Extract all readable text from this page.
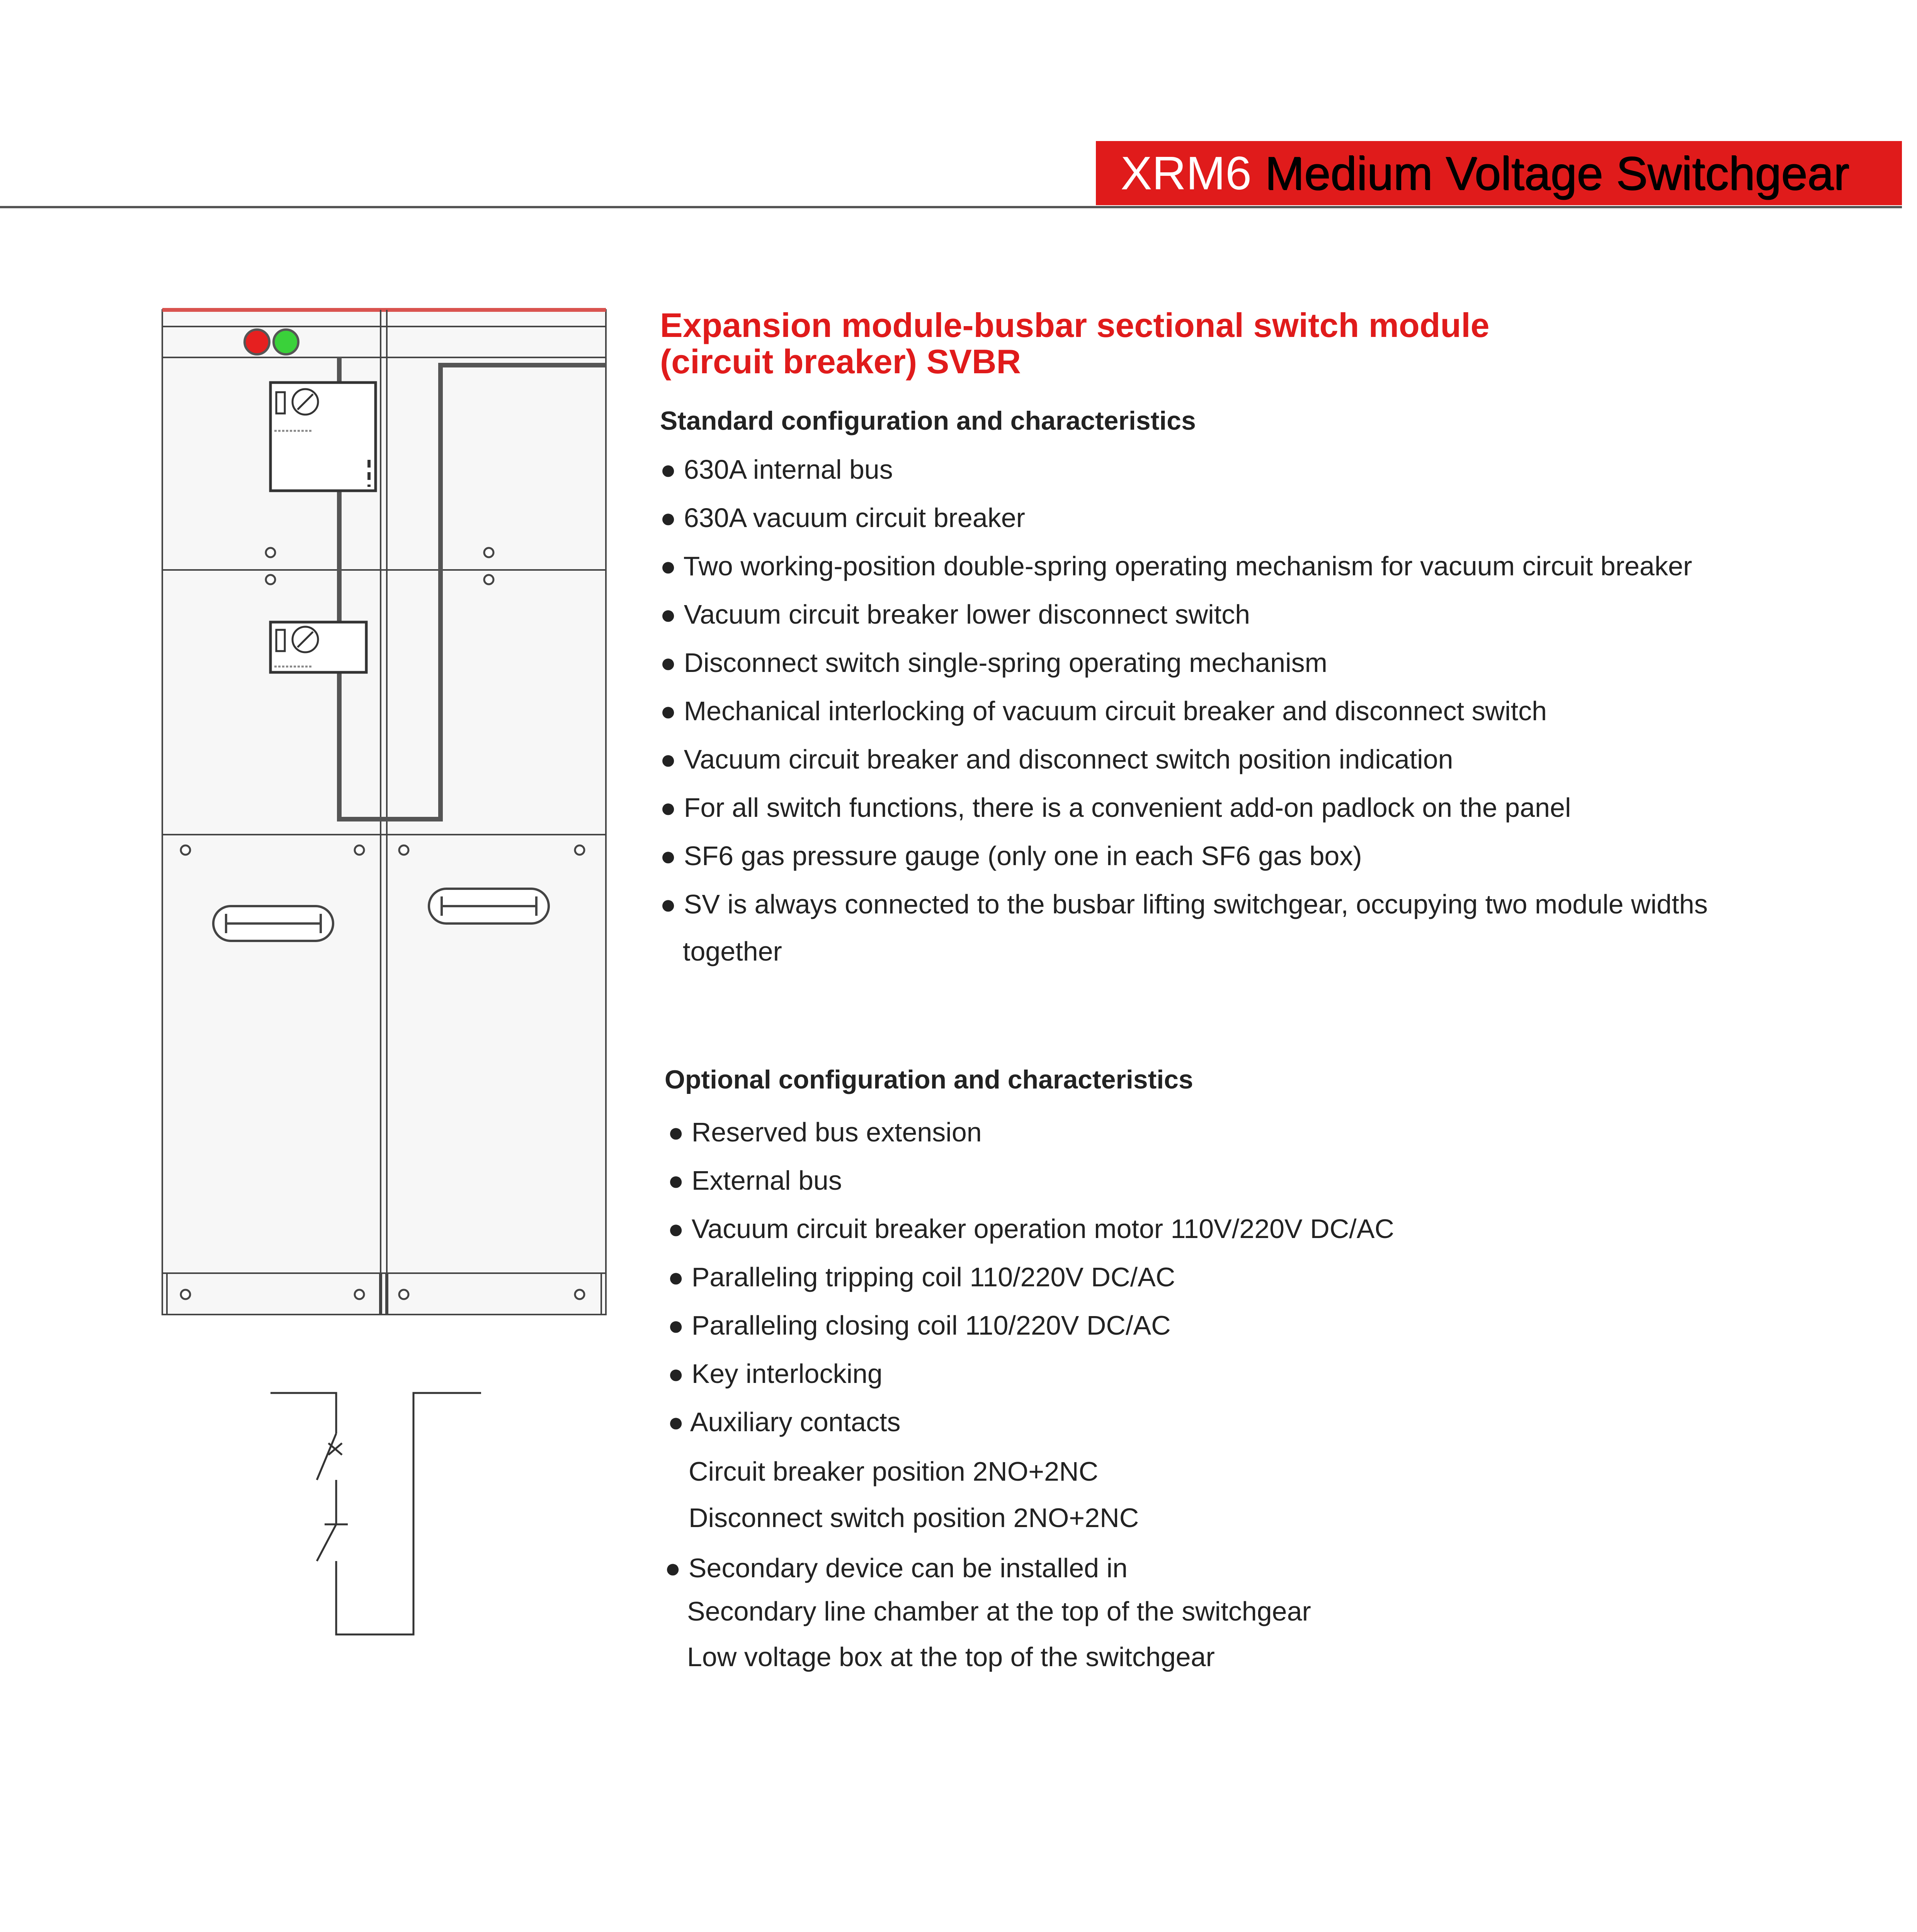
XRM6 Medium Voltage Switchgear
Expansion module-busbar sectional switch module
(circuit breaker) SVBR
Standard configuration and characteristics
● 630A internal bus
● 630A vacuum circuit breaker
● Two working-position double-spring operating mechanism for vacuum circuit breaker
● Vacuum circuit breaker lower disconnect switch
● Disconnect switch single-spring operating mechanism
● Mechanical interlocking of vacuum circuit breaker and disconnect switch
● Vacuum circuit breaker and disconnect switch position indication
● For all switch functions, there is a convenient add-on padlock on the panel
● SF6 gas pressure gauge (only one in each SF6 gas box)
● SV is always connected to the busbar lifting switchgear, occupying two module widths
together
Optional configuration and characteristics
● Reserved bus extension
● External bus
● Vacuum circuit breaker operation motor 110V/220V DC/AC
● Paralleling tripping coil 110/220V DC/AC
● Paralleling closing coil 110/220V DC/AC
● Key interlocking
● Auxiliary contacts
Circuit breaker position 2NO+2NC
Disconnect switch position 2NO+2NC
● Secondary device can be installed in
Secondary line chamber at the top of the switchgear
Low voltage box at the top of the switchgear
